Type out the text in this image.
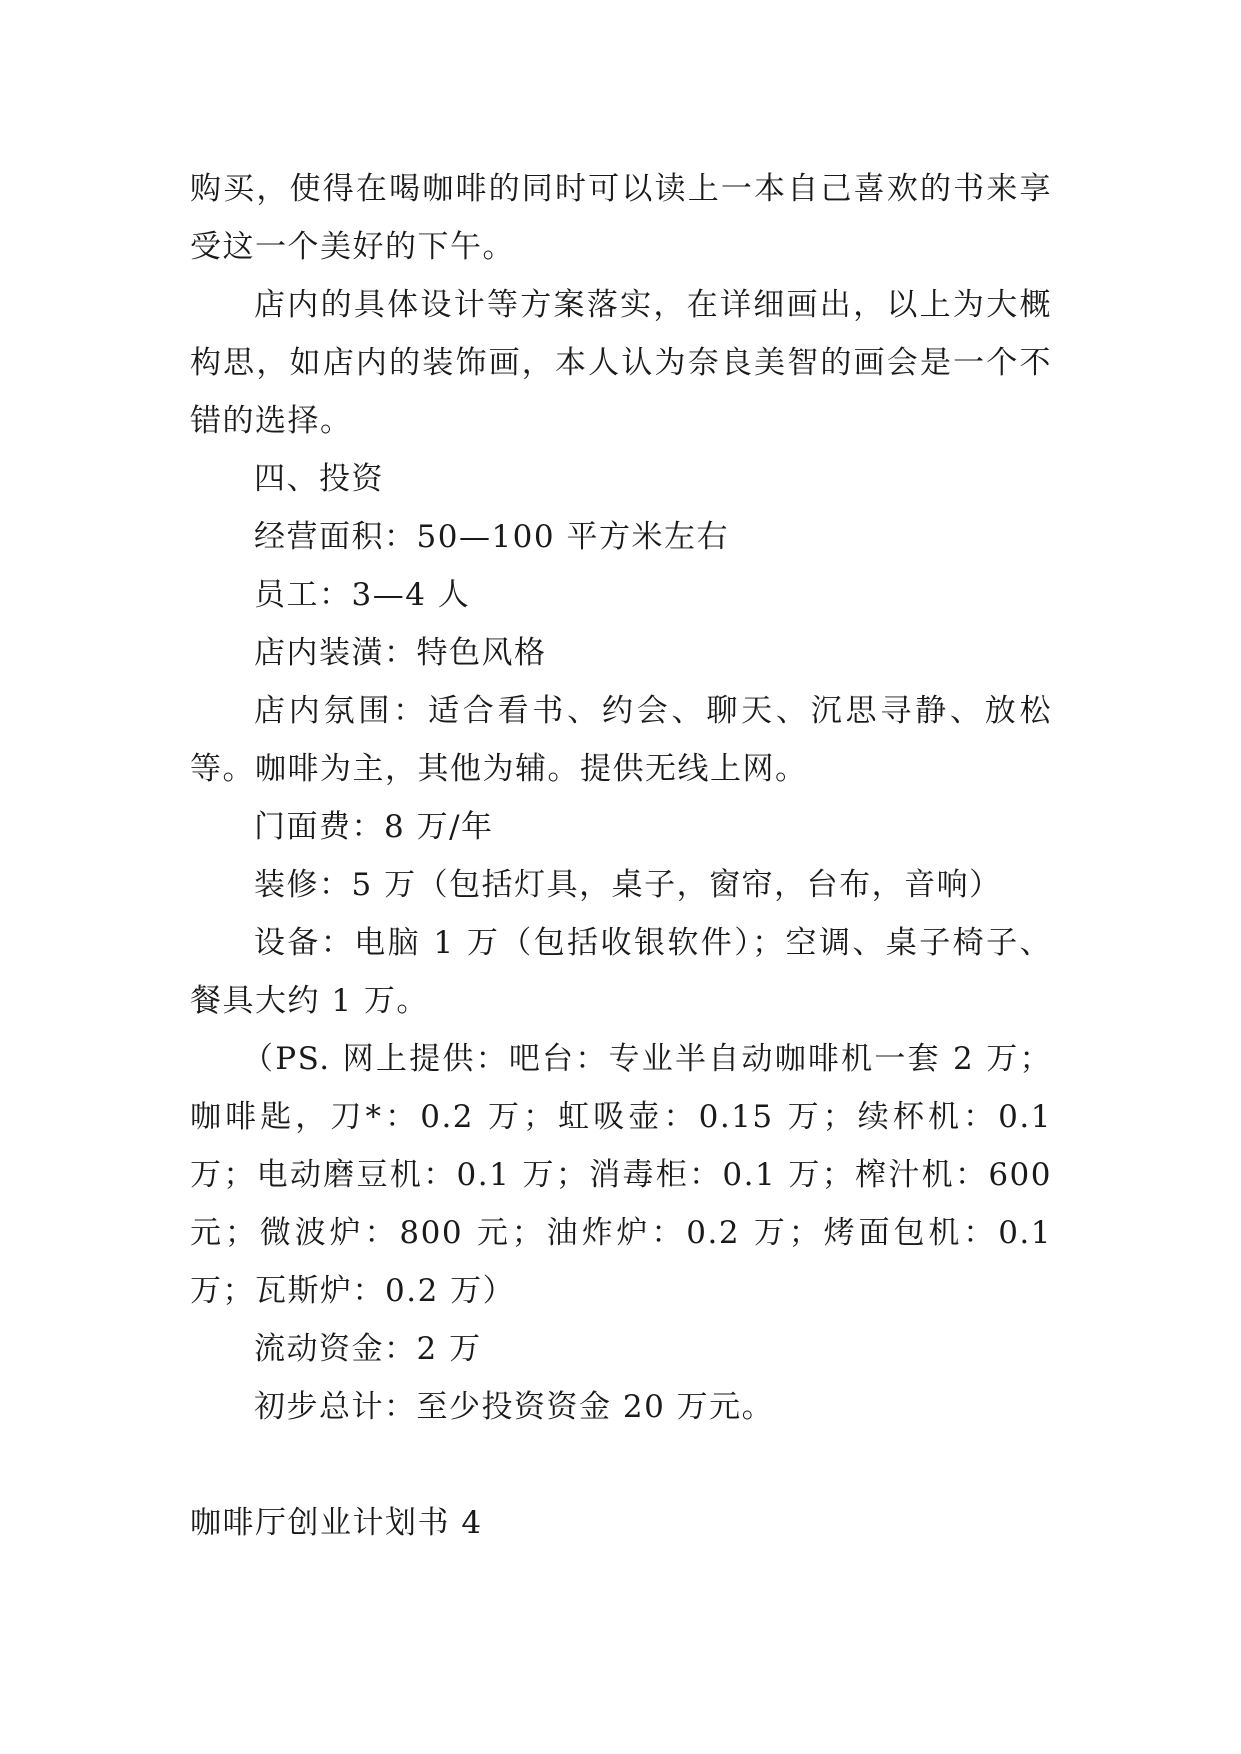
购买，使得在喝咖啡的同时可以读上一本自己喜欢的书来享受这一个美好的下午。

店内的具体设计等方案落实，在详细画出，以上为大概构思，如店内的装饰画，本人认为奈良美智的画会是一个不错的选择。

四、投资

经营面积：50—100 平方米左右

员工：3—4 人

店内装潢：特色风格

店内氛围：适合看书、约会、聊天、沉思寻静、放松等。咖啡为主，其他为辅。提供无线上网。

门面费：8 万/年

装修：5 万（包括灯具，桌子，窗帘，台布，音响）

设备：电脑 1 万（包括收银软件）；空调、桌子椅子、餐具大约 1 万。

（PS. 网上提供：吧台：专业半自动咖啡机一套 2 万；咖啡匙，刀*：0.2 万；虹吸壶：0.15 万；续杯机：0.1 万；电动磨豆机：0.1 万；消毒柜：0.1 万；榨汁机：600 元；微波炉：800 元；油炸炉：0.2 万；烤面包机：0.1 万；瓦斯炉：0.2 万）

流动资金：2 万

初步总计：至少投资资金 20 万元。

咖啡厅创业计划书 4
